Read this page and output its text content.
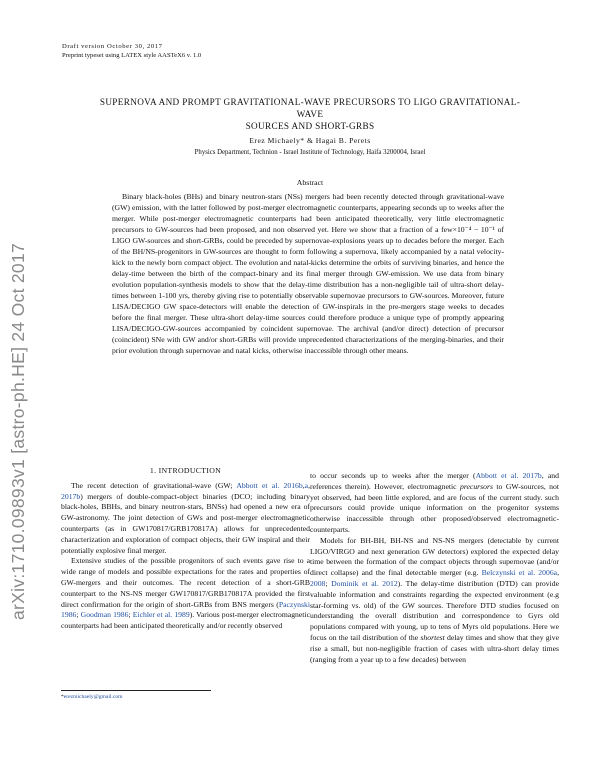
Draft version October 30, 2017
Preprint typeset using LATEX style AASTeX6 v. 1.0
arXiv:1710.09893v1 [astro-ph.HE] 24 Oct 2017
SUPERNOVA AND PROMPT GRAVITATIONAL-WAVE PRECURSORS TO LIGO GRAVITATIONAL-WAVE
SOURCES AND SHORT-GRBS
Erez Michaely* & Hagai B. Perets
Physics Department, Technion - Israel Institute of Technology, Haifa 3200004, Israel
Abstract

Binary black-holes (BHs) and binary neutron-stars (NSs) mergers had been recently detected through gravitational-wave (GW) emission, with the latter followed by post-merger electromagnetic counterparts, appearing seconds up to weeks after the merger. While post-merger electromagnetic counterparts had been anticipated theoretically, very little electromagnetic precursors to GW-sources had been proposed, and non observed yet. Here we show that a fraction of a few×10⁻⁴ − 10⁻¹ of LIGO GW-sources and short-GRBs, could be preceded by supernovae-explosions years up to decades before the merger. Each of the BH/NS-progenitors in GW-sources are thought to form following a supernova, likely accompanied by a natal velocity-kick to the newly born compact object. The evolution and natal-kicks determine the orbits of surviving binaries, and hence the delay-time between the birth of the compact-binary and its final merger through GW-emission. We use data from binary evolution population-synthesis models to show that the delay-time distribution has a non-negligible tail of ultra-short delay-times between 1-100 yrs, thereby giving rise to potentially observable supernovae precursors to GW-sources. Moreover, future LISA/DECIGO GW space-detectors will enable the detection of GW-inspirals in the pre-mergers stage weeks to decades before the final merger. These ultra-short delay-time sources could therefore produce a unique type of promptly appearing LISA/DECIGO-GW-sources accompanied by coincident supernovae. The archival (and/or direct) detection of precursor (coincident) SNe with GW and/or short-GRBs will provide unprecedented characterizations of the merging-binaries, and their prior evolution through supernovae and natal kicks, otherwise inaccessible through other means.

1. INTRODUCTION

The recent detection of gravitational-wave (GW; Abbott et al. 2016b,a, 2017b) mergers of double-compact-object binaries (DCO; including binary black-holes, BBHs, and binary neutron-stars, BNSs) had opened a new era of GW-astronomy. The joint detection of GWs and post-merger electromagnetic counterparts (as in GW170817/GRB170817A) allows for unprecedented characterization and exploration of compact objects, their GW inspiral and their potentially explosive final merger.

Extensive studies of the possible progenitors of such events gave rise to a wide range of models and possible expectations for the rates and properties of GW-mergers and their outcomes. The recent detection of a short-GRB counterpart to the NS-NS merger GW170817/GRB170817A provided the first direct confirmation for the origin of short-GRBs from BNS mergers (Paczynski 1986; Goodman 1986; Eichler et al. 1989). Various post-merger electromagnetic counterparts had been anticipated theoretically and/or recently observed

to occur seconds up to weeks after the merger (Abbott et al. 2017b, and references therein). However, electromagnetic precursors to GW-sources, not yet observed, had been little explored, and are focus of the current study. such precursors could provide unique information on the progenitor systems otherwise inaccessible through other proposed/observed electromagnetic-counterparts.

Models for BH-BH, BH-NS and NS-NS mergers (detectable by current LIGO/VIRGO and next generation GW detectors) explored the expected delay time between the formation of the compact objects through supernovae (and/or direct collapse) and the final detectable merger (e.g. Belczynski et al. 2006a, 2008; Dominik et al. 2012). The delay-time distribution (DTD) can provide valuable information and constraints regarding the expected environment (e.g star-forming vs. old) of the GW sources. Therefore DTD studies focused on understanding the overall distribution and correspondence to Gyrs old populations compared with young, up to tens of Myrs old populations. Here we focus on the tail distribution of the shortest delay times and show that they give rise a small, but non-negligible fraction of cases with ultra-short delay times (ranging from a year up to a few decades) between

*erezmichaely@gmail.com
